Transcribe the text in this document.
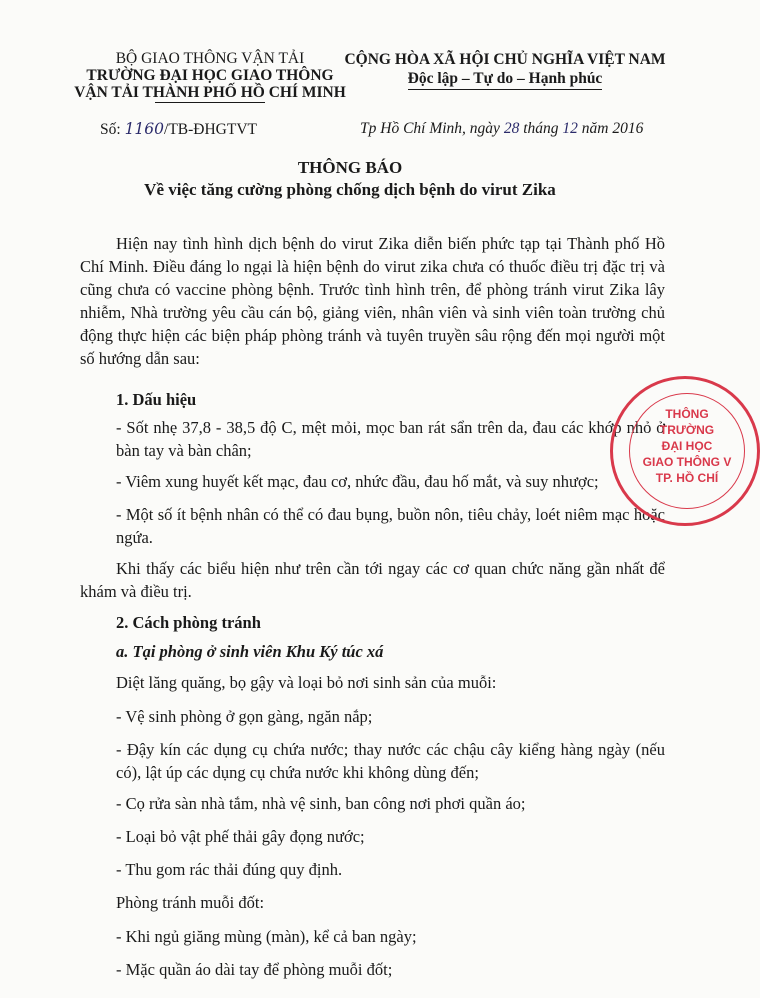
BỘ GIAO THÔNG VẬN TẢI
TRƯỜNG ĐẠI HỌC GIAO THÔNG
VẬN TẢI THÀNH PHỐ HỒ CHÍ MINH
CỘNG HÒA XÃ HỘI CHỦ NGHĨA VIỆT NAM
Độc lập – Tự do – Hạnh phúc
Số: 1160/TB-ĐHGTVT	Tp Hồ Chí Minh, ngày 28 tháng 12 năm 2016
THÔNG BÁO
Về việc tăng cường phòng chống dịch bệnh do virut Zika

Hiện nay tình hình dịch bệnh do virut Zika diễn biến phức tạp tại Thành phố Hồ Chí Minh. Điều đáng lo ngại là hiện bệnh do virut zika chưa có thuốc điều trị đặc trị và cũng chưa có vaccine phòng bệnh. Trước tình hình trên, để phòng tránh virut Zika lây nhiễm, Nhà trường yêu cầu cán bộ, giảng viên, nhân viên và sinh viên toàn trường chủ động thực hiện các biện pháp phòng tránh và tuyên truyền sâu rộng đến mọi người một số hướng dẫn sau:

1. Dấu hiệu

- Sốt nhẹ 37,8 - 38,5 độ C, mệt mỏi, mọc ban rát sẩn trên da, đau các khớp nhỏ ở bàn tay và bàn chân;

- Viêm xung huyết kết mạc, đau cơ, nhức đầu, đau hố mắt, và suy nhược;

- Một số ít bệnh nhân có thể có đau bụng, buồn nôn, tiêu chảy, loét niêm mạc hoặc ngứa.

Khi thấy các biểu hiện như trên cần tới ngay các cơ quan chức năng gần nhất để khám và điều trị.

2. Cách phòng tránh

a. Tại phòng ở sinh viên Khu Ký túc xá

Diệt lăng quăng, bọ gậy và loại bỏ nơi sinh sản của muỗi:

- Vệ sinh phòng ở gọn gàng, ngăn nắp;

- Đậy kín các dụng cụ chứa nước; thay nước các chậu cây kiểng hàng ngày (nếu có), lật úp các dụng cụ chứa nước khi không dùng đến;

- Cọ rửa sàn nhà tắm, nhà vệ sinh, ban công nơi phơi quần áo;

- Loại bỏ vật phế thải gây đọng nước;

- Thu gom rác thải đúng quy định.

Phòng tránh muỗi đốt:

- Khi ngủ giăng mùng (màn), kể cả ban ngày;

- Mặc quần áo dài tay để phòng muỗi đốt;

THÔNG
TRƯỜNG
ĐẠI HỌC
GIAO THÔNG V
TP. HỒ CHÍ
